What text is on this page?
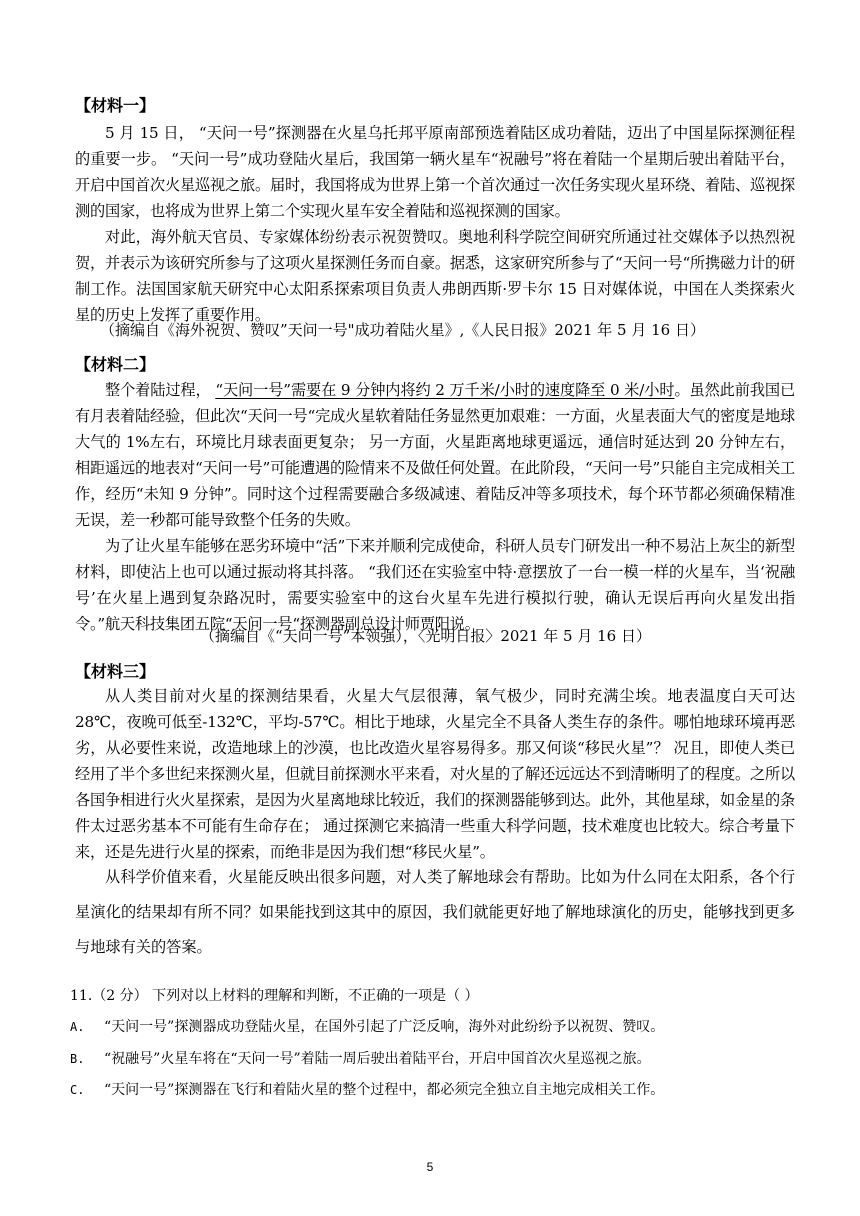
【材料一】

5 月 15 日， “天问一号”探测器在火星乌托邦平原南部预选着陆区成功着陆，迈出了中国星际探测征程的重要一步。 “天问一号”成功登陆火星后，我国第一辆火星车“祝融号”将在着陆一个星期后驶出着陆平台，开启中国首次火星巡视之旅。届时，我国将成为世界上第一个首次通过一次任务实现火星环绕、着陆、巡视探测的国家，也将成为世界上第二个实现火星车安全着陆和巡视探测的国家。

对此，海外航天官员、专家媒体纷纷表示祝贺赞叹。奥地利科学院空间研究所通过社交媒体予以热烈祝贺，并表示为该研究所参与了这项火星探测任务而自豪。据悉，这家研究所参与了“天问一号“所携磁力计的研制工作。法国国家航天研究中心太阳系探索项目负责人弗朗西斯·罗卡尔 15 日对媒体说，中国在人类探索火星的历史上发挥了重要作用。

（摘编自《海外祝贺、赞叹”天问一号"成功着陆火星》,《人民日报》2021 年 5 月 16 日）
【材料二】

整个着陆过程， “天问一号”需要在 9 分钟内将约 2 万千米/小时的速度降至 0 米/小时。虽然此前我国已有月表着陆经验，但此次“天问一号“完成火星软着陆任务显然更加艰难：一方面，火星表面大气的密度是地球大气的 1%左右，环境比月球表面更复杂； 另一方面，火星距离地球更遥远，通信时延达到 20 分钟左右，相距遥远的地表对“天问一号”可能遭遇的险情来不及做任何处置。在此阶段，“天问一号”只能自主完成相关工作，经历“未知 9 分钟”。同时这个过程需要融合多级减速、着陆反冲等多项技术，每个环节都必须确保精准无误，差一秒都可能导致整个任务的失败。

为了让火星车能够在恶劣环境中“活”下来并顺利完成使命，科研人员专门研发出一种不易沾上灰尘的新型材料，即使沾上也可以通过振动将其抖落。 “我们还在实验室中特·意摆放了一台一模一样的火星车，当‘祝融号’在火星上遇到复杂路况时，需要实验室中的这台火星车先进行模拟行驶，确认无误后再向火星发出指令。”航天科技集团五院“天问一号“探测器副总设计师贾阳说。

（摘编自《“天问一号”本领强），〈光明日报〉2021 年 5 月 16 日）
【材料三】

从人类目前对火星的探测结果看，火星大气层很薄，氧气极少，同时充满尘埃。地表温度白天可达 28℃，夜晚可低至-132℃，平均-57℃。相比于地球，火星完全不具备人类生存的条件。哪怕地球环境再恶劣，从必要性来说，改造地球上的沙漠，也比改造火星容易得多。那又何谈“移民火星”？ 况且，即使人类已经用了半个多世纪来探测火星，但就目前探测水平来看，对火星的了解还远远达不到清晰明了的程度。之所以各国争相进行火火星探索，是因为火星离地球比较近，我们的探测器能够到达。此外，其他星球，如金星的条件太过恶劣基本不可能有生命存在； 通过探测它来搞清一些重大科学问题，技术难度也比较大。综合考量下来，还是先进行火星的探索，而绝非是因为我们想“移民火星”。

从科学价值来看，火星能反映出很多问题，对人类了解地球会有帮助。比如为什么同在太阳系，各个行星演化的结果却有所不同？如果能找到这其中的原因，我们就能更好地了解地球演化的历史，能够找到更多与地球有关的答案。

11.（2 分） 下列对以上材料的理解和判断，不正确的一项是（ ）
A. “天问一号”探测器成功登陆火星，在国外引起了广泛反响，海外对此纷纷予以祝贺、赞叹。
B. “祝融号”火星车将在“天问一号”着陆一周后驶出着陆平台，开启中国首次火星巡视之旅。
C. “天问一号”探测器在飞行和着陆火星的整个过程中，都必须完全独立自主地完成相关工作。
5
